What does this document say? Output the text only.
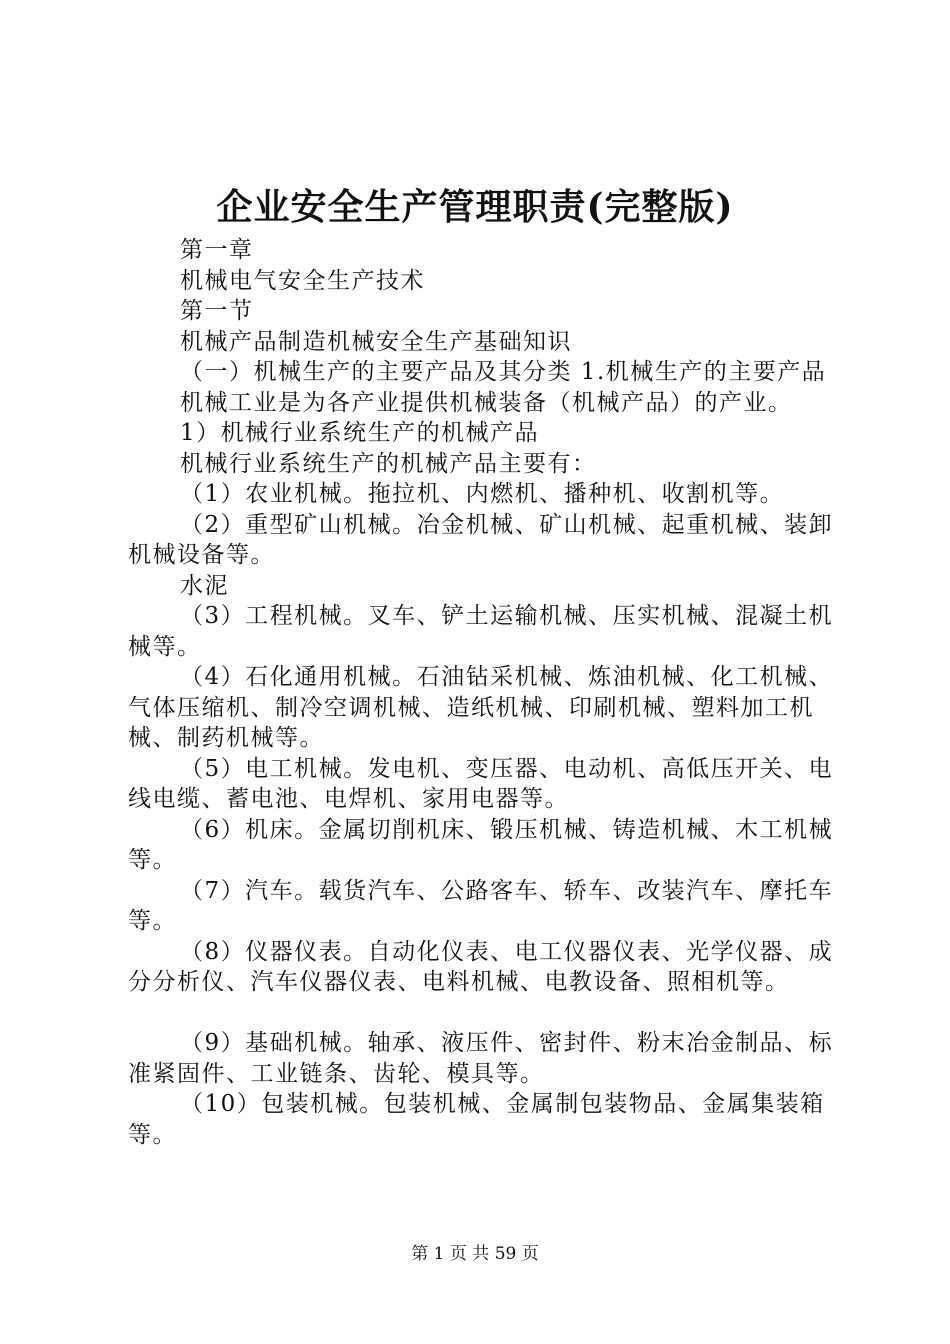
企业安全生产管理职责(完整版)

第一章

机械电气安全生产技术

第一节

机械产品制造机械安全生产基础知识

（一）机械生产的主要产品及其分类 1.机械生产的主要产品

机械工业是为各产业提供机械装备（机械产品）的产业。

1）机械行业系统生产的机械产品

机械行业系统生产的机械产品主要有：

（1）农业机械。拖拉机、内燃机、播种机、收割机等。

（2）重型矿山机械。冶金机械、矿山机械、起重机械、装卸机械设备等。

水泥

（3）工程机械。叉车、铲土运输机械、压实机械、混凝土机械等。

（4）石化通用机械。石油钻采机械、炼油机械、化工机械、气体压缩机、制冷空调机械、造纸机械、印刷机械、塑料加工机械、制药机械等。

（5）电工机械。发电机、变压器、电动机、高低压开关、电线电缆、蓄电池、电焊机、家用电器等。

（6）机床。金属切削机床、锻压机械、铸造机械、木工机械等。

（7）汽车。载货汽车、公路客车、轿车、改装汽车、摩托车等。

（8）仪器仪表。自动化仪表、电工仪器仪表、光学仪器、成分分析仪、汽车仪器仪表、电料机械、电教设备、照相机等。

（9）基础机械。轴承、液压件、密封件、粉末冶金制品、标准紧固件、工业链条、齿轮、模具等。

（10）包装机械。包装机械、金属制包装物品、金属集装箱等。

第 1 页 共 59 页
